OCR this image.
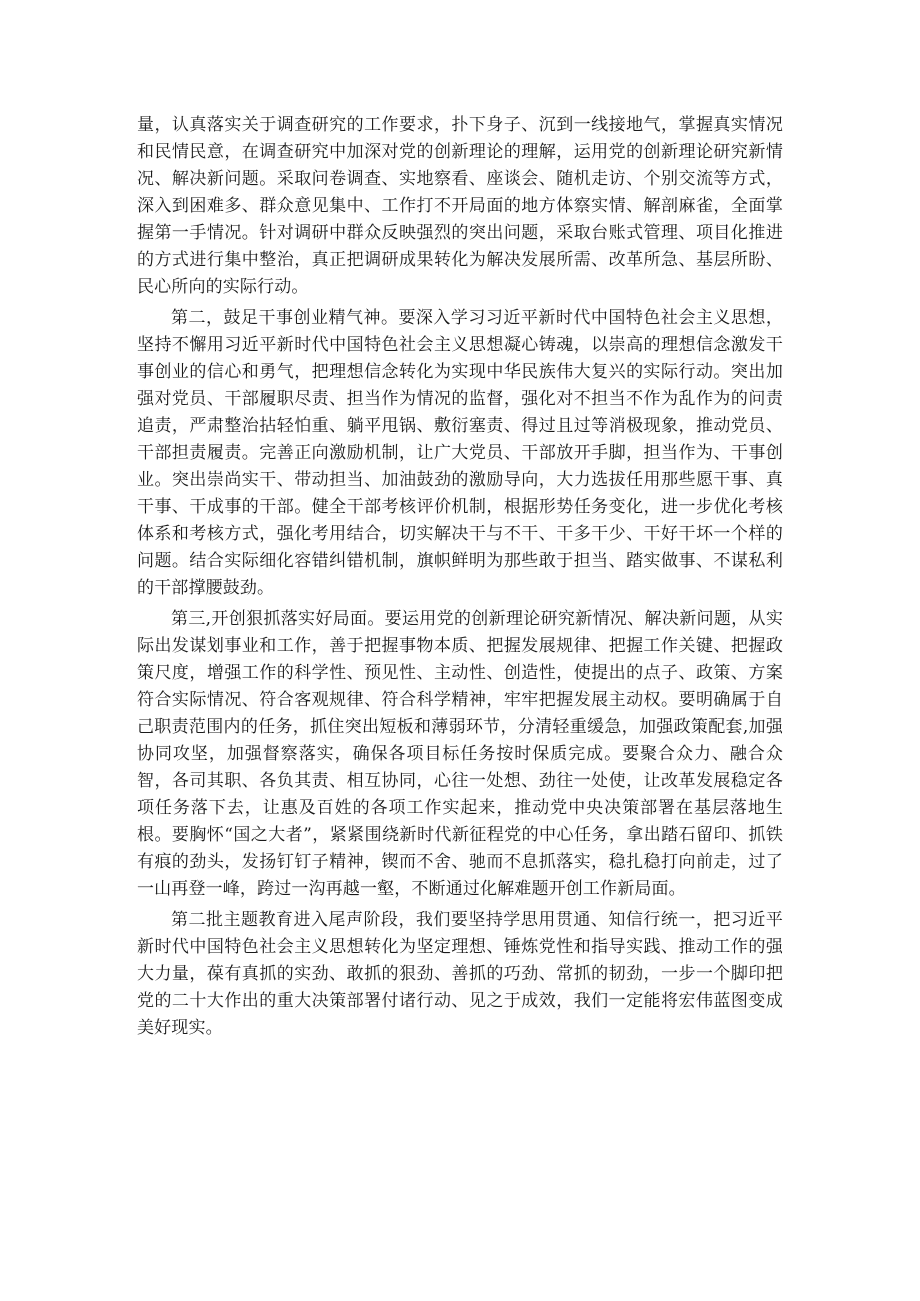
量，认真落实关于调查研究的工作要求，扑下身子、沉到一线接地气，掌握真实情况和民情民意，在调查研究中加深对党的创新理论的理解，运用党的创新理论研究新情况、解决新问题。采取问卷调查、实地察看、座谈会、随机走访、个别交流等方式，深入到困难多、群众意见集中、工作打不开局面的地方体察实情、解剖麻雀，全面掌握第一手情况。针对调研中群众反映强烈的突出问题，采取台账式管理、项目化推进的方式进行集中整治，真正把调研成果转化为解决发展所需、改革所急、基层所盼、民心所向的实际行动。

第二，鼓足干事创业精气神。要深入学习习近平新时代中国特色社会主义思想，坚持不懈用习近平新时代中国特色社会主义思想凝心铸魂，以崇高的理想信念激发干事创业的信心和勇气，把理想信念转化为实现中华民族伟大复兴的实际行动。突出加强对党员、干部履职尽责、担当作为情况的监督，强化对不担当不作为乱作为的问责追责，严肃整治拈轻怕重、躺平甩锅、敷衍塞责、得过且过等消极现象，推动党员、干部担责履责。完善正向激励机制，让广大党员、干部放开手脚，担当作为、干事创业。突出崇尚实干、带动担当、加油鼓劲的激励导向，大力选拔任用那些愿干事、真干事、干成事的干部。健全干部考核评价机制，根据形势任务变化，进一步优化考核体系和考核方式，强化考用结合，切实解决干与不干、干多干少、干好干坏一个样的问题。结合实际细化容错纠错机制，旗帜鲜明为那些敢于担当、踏实做事、不谋私利的干部撑腰鼓劲。

第三,开创狠抓落实好局面。要运用党的创新理论研究新情况、解决新问题，从实际出发谋划事业和工作，善于把握事物本质、把握发展规律、把握工作关键、把握政策尺度，增强工作的科学性、预见性、主动性、创造性，使提出的点子、政策、方案符合实际情况、符合客观规律、符合科学精神，牢牢把握发展主动权。要明确属于自己职责范围内的任务，抓住突出短板和薄弱环节，分清轻重缓急，加强政策配套,加强协同攻坚，加强督察落实，确保各项目标任务按时保质完成。要聚合众力、融合众智，各司其职、各负其责、相互协同，心往一处想、劲往一处使，让改革发展稳定各项任务落下去，让惠及百姓的各项工作实起来，推动党中央决策部署在基层落地生根。要胸怀“国之大者”，紧紧围绕新时代新征程党的中心任务，拿出踏石留印、抓铁有痕的劲头，发扬钉钉子精神，锲而不舍、驰而不息抓落实，稳扎稳打向前走，过了一山再登一峰，跨过一沟再越一壑，不断通过化解难题开创工作新局面。

第二批主题教育进入尾声阶段，我们要坚持学思用贯通、知信行统一，把习近平新时代中国特色社会主义思想转化为坚定理想、锤炼党性和指导实践、推动工作的强大力量，葆有真抓的实劲、敢抓的狠劲、善抓的巧劲、常抓的韧劲，一步一个脚印把党的二十大作出的重大决策部署付诸行动、见之于成效，我们一定能将宏伟蓝图变成美好现实。
